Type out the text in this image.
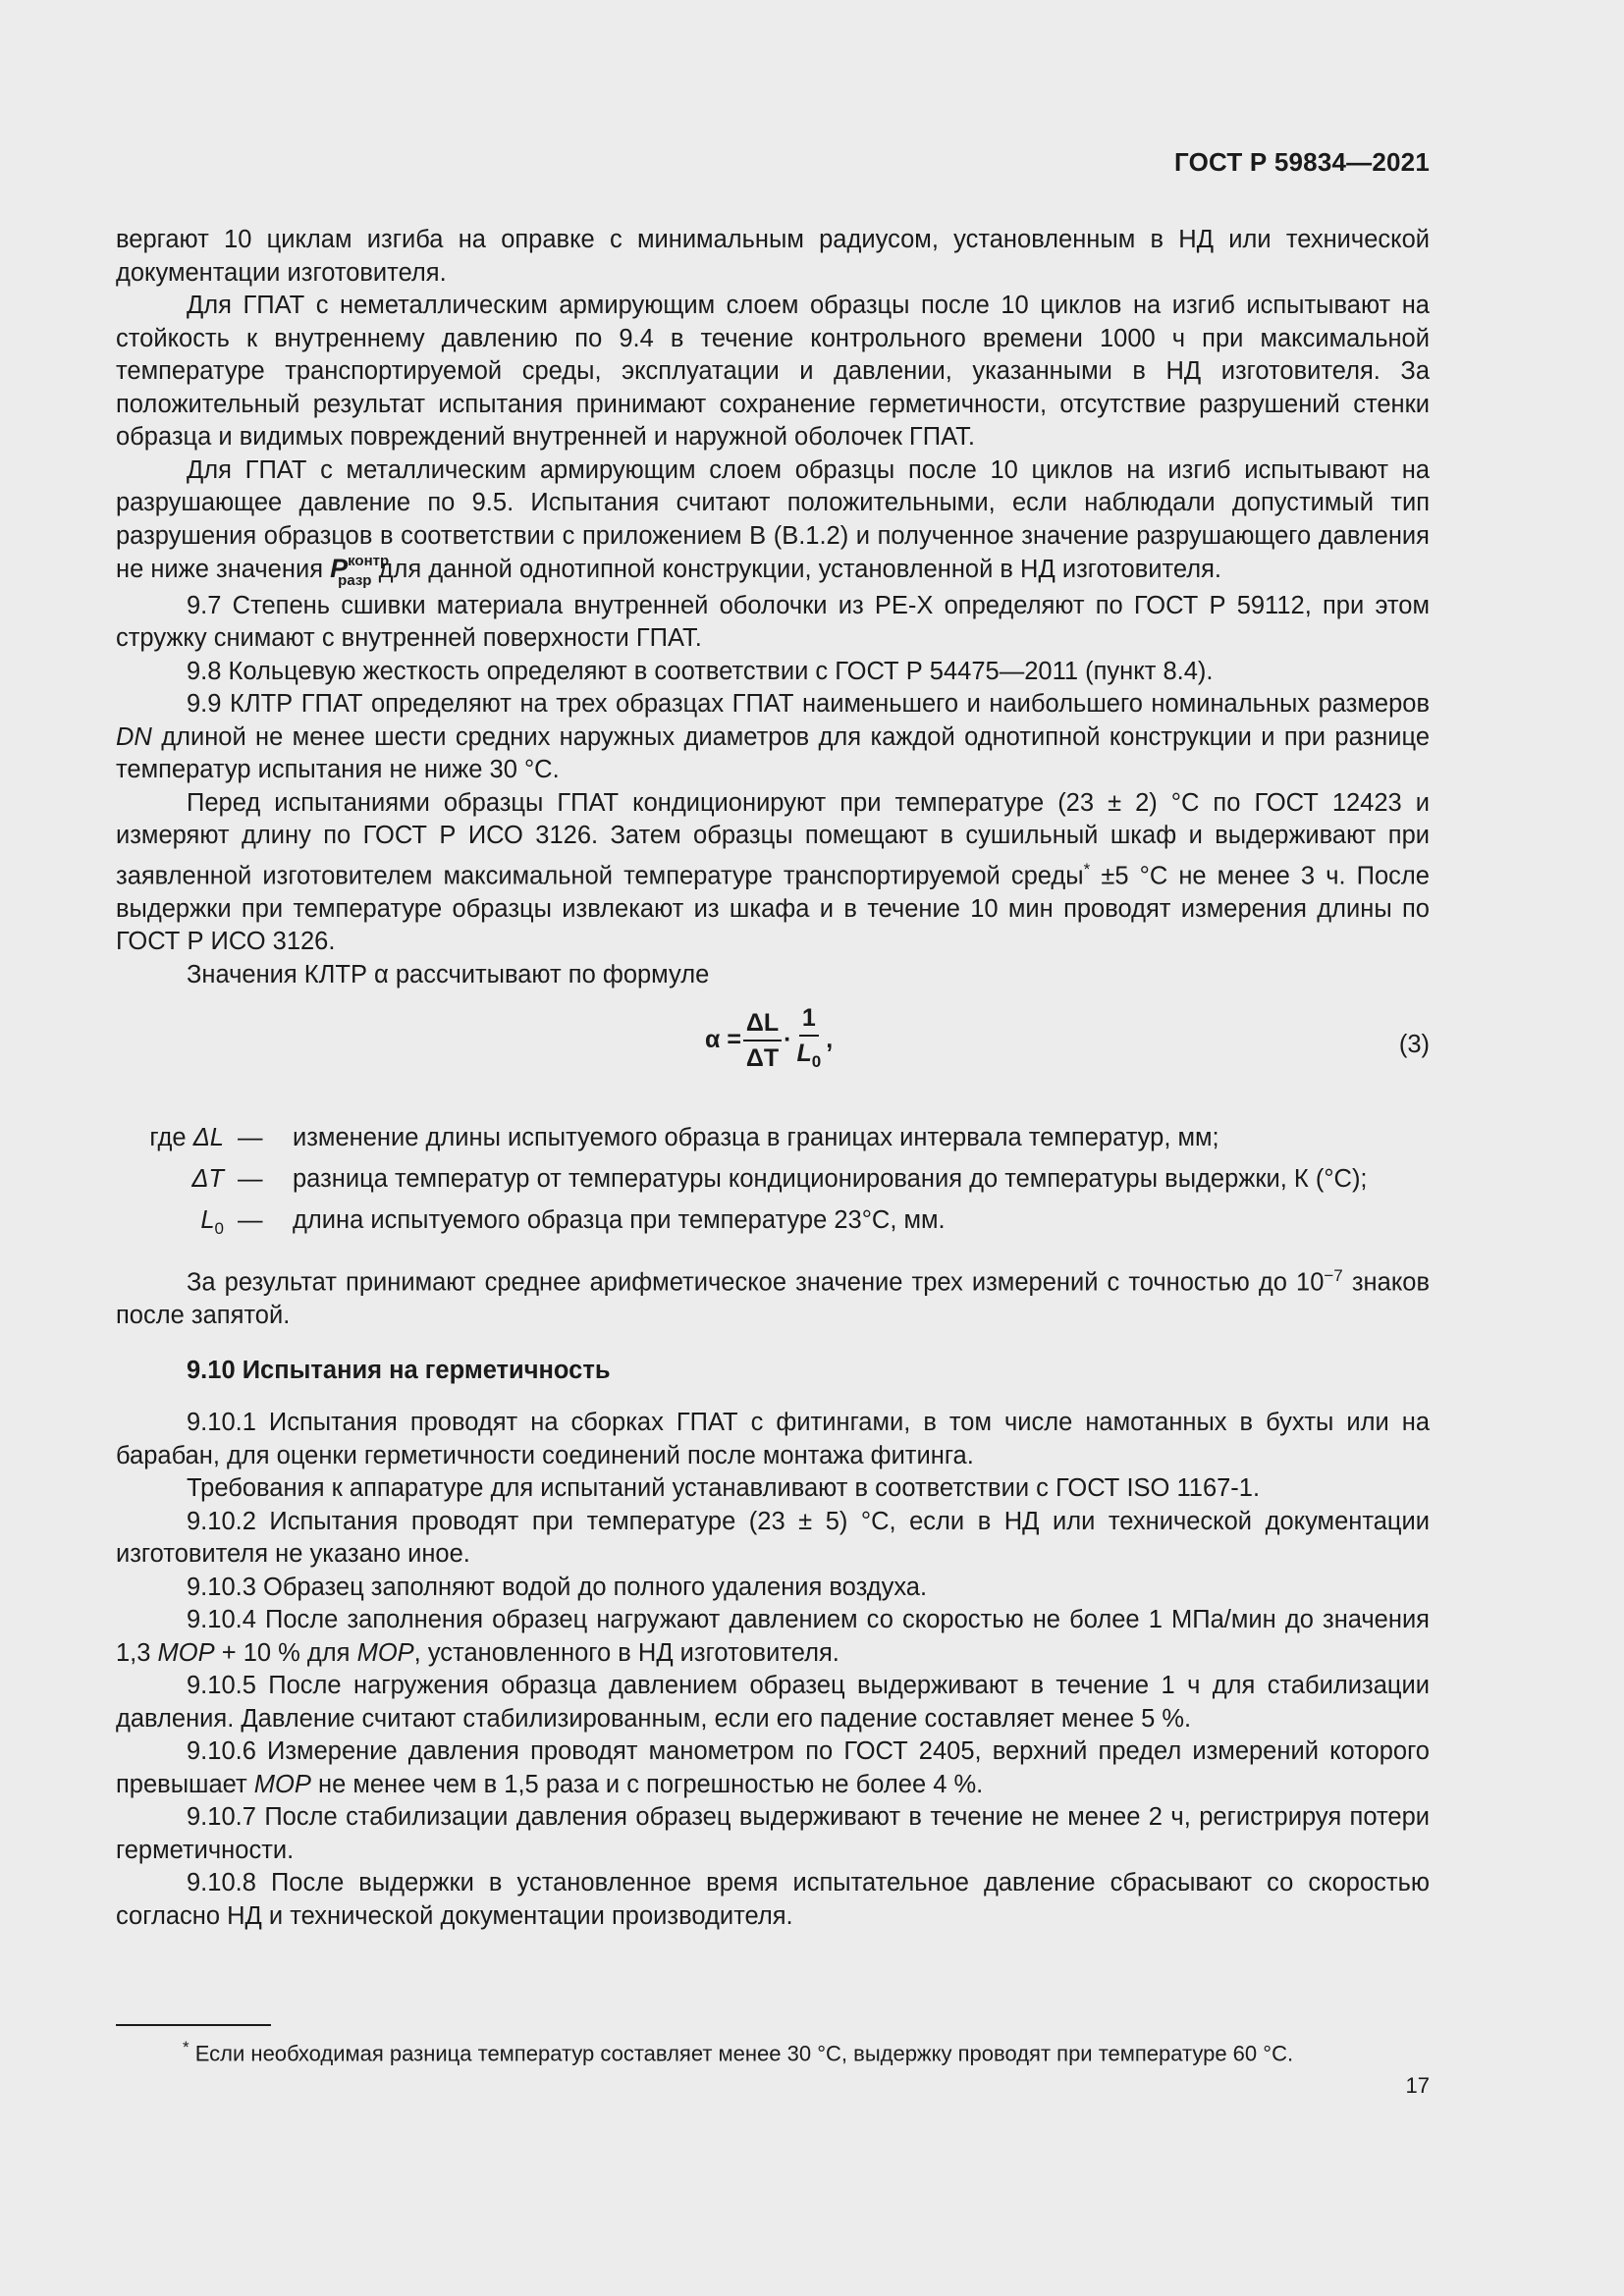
ГОСТ Р 59834—2021

вергают 10 циклам изгиба на оправке с минимальным радиусом, установленным в НД или технической документации изготовителя.

Для ГПАТ с неметаллическим армирующим слоем образцы после 10 циклов на изгиб испытывают на стойкость к внутреннему давлению по 9.4 в течение контрольного времени 1000 ч при максимальной температуре транспортируемой среды, эксплуатации и давлении, указанными в НД изготовителя. За положительный результат испытания принимают сохранение герметичности, отсутствие разрушений стенки образца и видимых повреждений внутренней и наружной оболочек ГПАТ.

Для ГПАТ с металлическим армирующим слоем образцы после 10 циклов на изгиб испытывают на разрушающее давление по 9.5. Испытания считают положительными, если наблюдали допустимый тип разрушения образцов в соответствии с приложением В (В.1.2) и полученное значение разрушающего давления не ниже значения $P^{контр}_{разр}$ для данной однотипной конструкции, установленной в НД изготовителя.

9.7 Степень сшивки материала внутренней оболочки из PE-X определяют по ГОСТ Р 59112, при этом стружку снимают с внутренней поверхности ГПАТ.

9.8 Кольцевую жесткость определяют в соответствии с ГОСТ Р 54475—2011 (пункт 8.4).

9.9 КЛТР ГПАТ определяют на трех образцах ГПАТ наименьшего и наибольшего номинальных размеров DN длиной не менее шести средних наружных диаметров для каждой однотипной конструкции и при разнице температур испытания не ниже 30 °С.

Перед испытаниями образцы ГПАТ кондиционируют при температуре (23 ± 2) °С по ГОСТ 12423 и измеряют длину по ГОСТ Р ИСО 3126. Затем образцы помещают в сушильный шкаф и выдерживают при заявленной изготовителем максимальной температуре транспортируемой среды* ±5 °С не менее 3 ч. После выдержки при температуре образцы извлекают из шкафа и в течение 10 мин проводят измерения длины по ГОСТ Р ИСО 3126.

Значения КЛТР α рассчитывают по формуле

$\alpha = \frac{\Delta L}{\Delta T} \cdot \frac{1}{L_0}$ ,	(3)
где ΔL	—	изменение длины испытуемого образца в границах интервала температур, мм;
ΔT	—	разница температур от температуры кондиционирования до температуры выдержки, К (°С);
$L_0$	—	длина испытуемого образца при температуре 23°С, мм.

За результат принимают среднее арифметическое значение трех измерений с точностью до $10^{-7}$ знаков после запятой.

9.10 Испытания на герметичность

9.10.1 Испытания проводят на сборках ГПАТ с фитингами, в том числе намотанных в бухты или на барабан, для оценки герметичности соединений после монтажа фитинга.

Требования к аппаратуре для испытаний устанавливают в соответствии с ГОСТ ISO 1167-1.

9.10.2 Испытания проводят при температуре (23 ± 5) °С, если в НД или технической документации изготовителя не указано иное.

9.10.3 Образец заполняют водой до полного удаления воздуха.

9.10.4 После заполнения образец нагружают давлением со скоростью не более 1 МПа/мин до значения 1,3 МОР + 10 % для МОР, установленного в НД изготовителя.

9.10.5 После нагружения образца давлением образец выдерживают в течение 1 ч для стабилизации давления. Давление считают стабилизированным, если его падение составляет менее 5 %.

9.10.6 Измерение давления проводят манометром по ГОСТ 2405, верхний предел измерений которого превышает МОР не менее чем в 1,5 раза и с погрешностью не более 4 %.

9.10.7 После стабилизации давления образец выдерживают в течение не менее 2 ч, регистрируя потери герметичности.

9.10.8 После выдержки в установленное время испытательное давление сбрасывают со скоростью согласно НД и технической документации производителя.

* Если необходимая разница температур составляет менее 30 °С, выдержку проводят при температуре 60 °С.
17
